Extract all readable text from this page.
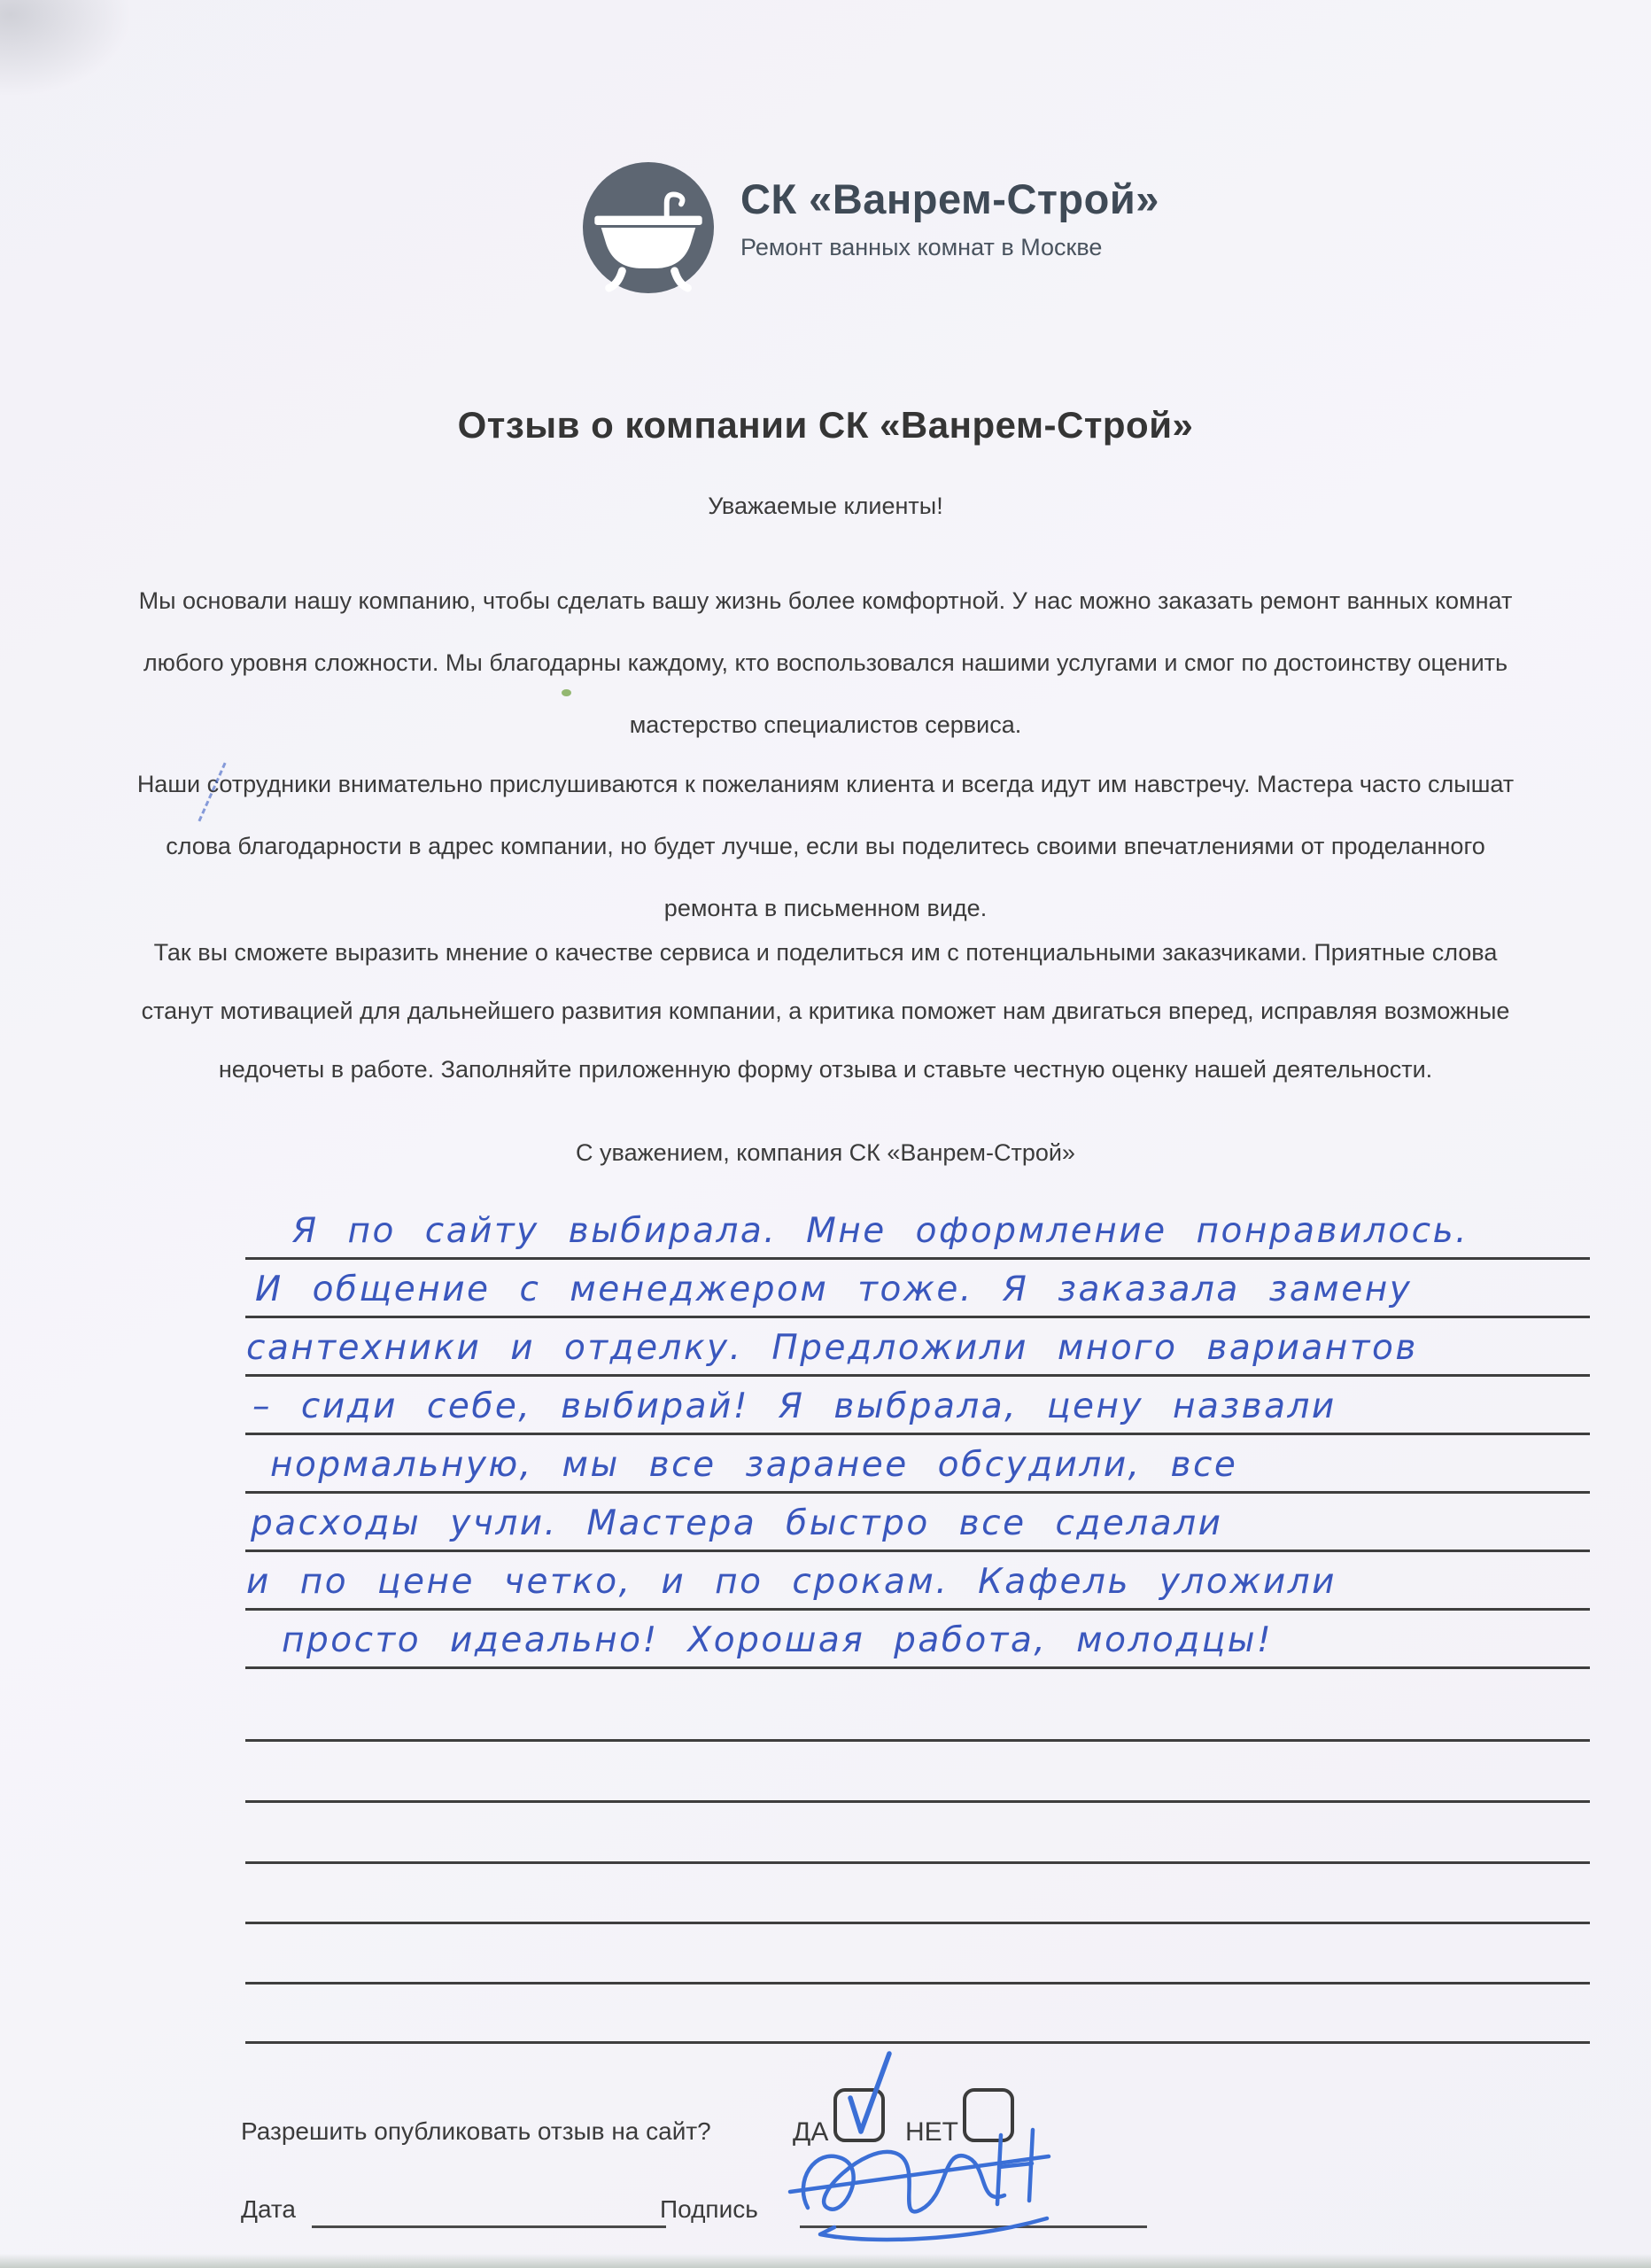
СК «Ванрем-Строй»
Ремонт ванных комнат в Москве
Отзыв о компании СК «Ванрем-Строй»
Уважаемые клиенты!

Мы основали нашу компанию, чтобы сделать вашу жизнь более комфортной. У нас можно заказать ремонт ванных комнат любого уровня сложности. Мы благодарны каждому, кто воспользовался нашими услугами и смог по достоинству оценить мастерство специалистов сервиса.

Наши сотрудники внимательно прислушиваются к пожеланиям клиента и всегда идут им навстречу. Мастера часто слышат слова благодарности в адрес компании, но будет лучше, если вы поделитесь своими впечатлениями от проделанного ремонта в письменном виде.

Так вы сможете выразить мнение о качестве сервиса и поделиться им с потенциальными заказчиками. Приятные слова станут мотивацией для дальнейшего развития компании, а критика поможет нам двигаться вперед, исправляя возможные недочеты в работе. Заполняйте приложенную форму отзыва и ставьте честную оценку нашей деятельности.

С уважением, компания СК «Ванрем-Строй»
Я по сайту выбирала. Мне оформление понравилось.
И общение с менеджером тоже. Я заказала замену
сантехники и отделку. Предложили много вариантов
– сиди себе, выбирай! Я выбрала, цену назвали
нормальную, мы все заранее обсудили, все
расходы учли. Мастера быстро все сделали
и по цене четко, и по срокам. Кафель уложили
просто идеально! Хорошая работа, молодцы!
Разрешить опубликовать отзыв на сайт?	ДА	НЕТ
Дата	Подпись
